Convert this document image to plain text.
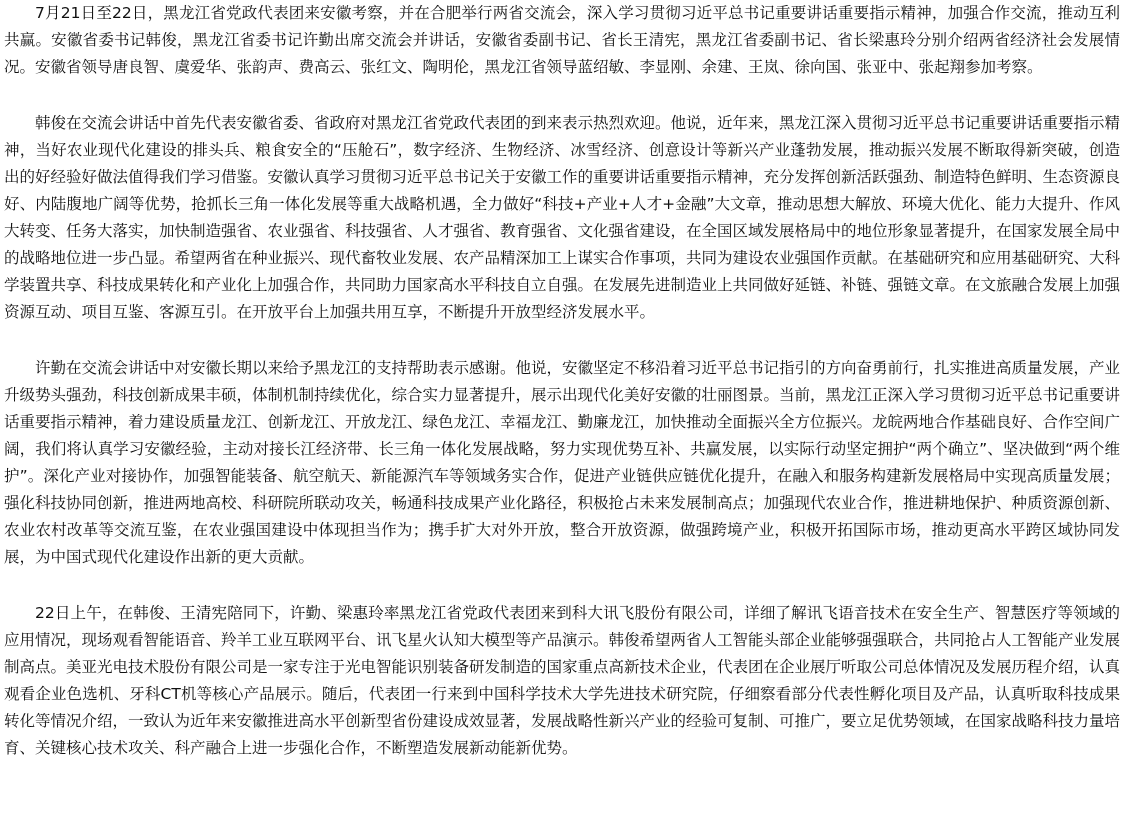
7月21日至22日，黑龙江省党政代表团来安徽考察，并在合肥举行两省交流会，深入学习贯彻习近平总书记重要讲话重要指示精神，加强合作交流，推动互利共赢。安徽省委书记韩俊，黑龙江省委书记许勤出席交流会并讲话，安徽省委副书记、省长王清宪，黑龙江省委副书记、省长梁惠玲分别介绍两省经济社会发展情况。安徽省领导唐良智、虞爱华、张韵声、费高云、张红文、陶明伦，黑龙江省领导蓝绍敏、李显刚、余建、王岚、徐向国、张亚中、张起翔参加考察。

韩俊在交流会讲话中首先代表安徽省委、省政府对黑龙江省党政代表团的到来表示热烈欢迎。他说，近年来，黑龙江深入贯彻习近平总书记重要讲话重要指示精神，当好农业现代化建设的排头兵、粮食安全的“压舱石”，数字经济、生物经济、冰雪经济、创意设计等新兴产业蓬勃发展，推动振兴发展不断取得新突破，创造出的好经验好做法值得我们学习借鉴。安徽认真学习贯彻习近平总书记关于安徽工作的重要讲话重要指示精神，充分发挥创新活跃强劲、制造特色鲜明、生态资源良好、内陆腹地广阔等优势，抢抓长三角一体化发展等重大战略机遇，全力做好“科技+产业+人才+金融”大文章，推动思想大解放、环境大优化、能力大提升、作风大转变、任务大落实，加快制造强省、农业强省、科技强省、人才强省、教育强省、文化强省建设，在全国区域发展格局中的地位形象显著提升，在国家发展全局中的战略地位进一步凸显。希望两省在种业振兴、现代畜牧业发展、农产品精深加工上谋实合作事项，共同为建设农业强国作贡献。在基础研究和应用基础研究、大科学装置共享、科技成果转化和产业化上加强合作，共同助力国家高水平科技自立自强。在发展先进制造业上共同做好延链、补链、强链文章。在文旅融合发展上加强资源互动、项目互鉴、客源互引。在开放平台上加强共用互享，不断提升开放型经济发展水平。

许勤在交流会讲话中对安徽长期以来给予黑龙江的支持帮助表示感谢。他说，安徽坚定不移沿着习近平总书记指引的方向奋勇前行，扎实推进高质量发展，产业升级势头强劲，科技创新成果丰硕，体制机制持续优化，综合实力显著提升，展示出现代化美好安徽的壮丽图景。当前，黑龙江正深入学习贯彻习近平总书记重要讲话重要指示精神，着力建设质量龙江、创新龙江、开放龙江、绿色龙江、幸福龙江、勤廉龙江，加快推动全面振兴全方位振兴。龙皖两地合作基础良好、合作空间广阔，我们将认真学习安徽经验，主动对接长江经济带、长三角一体化发展战略，努力实现优势互补、共赢发展，以实际行动坚定拥护“两个确立”、坚决做到“两个维护”。深化产业对接协作，加强智能装备、航空航天、新能源汽车等领域务实合作，促进产业链供应链优化提升，在融入和服务构建新发展格局中实现高质量发展；强化科技协同创新，推进两地高校、科研院所联动攻关，畅通科技成果产业化路径，积极抢占未来发展制高点；加强现代农业合作，推进耕地保护、种质资源创新、农业农村改革等交流互鉴，在农业强国建设中体现担当作为；携手扩大对外开放，整合开放资源，做强跨境产业，积极开拓国际市场，推动更高水平跨区域协同发展，为中国式现代化建设作出新的更大贡献。

22日上午，在韩俊、王清宪陪同下，许勤、梁惠玲率黑龙江省党政代表团来到科大讯飞股份有限公司，详细了解讯飞语音技术在安全生产、智慧医疗等领域的应用情况，现场观看智能语音、羚羊工业互联网平台、讯飞星火认知大模型等产品演示。韩俊希望两省人工智能头部企业能够强强联合，共同抢占人工智能产业发展制高点。美亚光电技术股份有限公司是一家专注于光电智能识别装备研发制造的国家重点高新技术企业，代表团在企业展厅听取公司总体情况及发展历程介绍，认真观看企业色选机、牙科CT机等核心产品展示。随后，代表团一行来到中国科学技术大学先进技术研究院，仔细察看部分代表性孵化项目及产品，认真听取科技成果转化等情况介绍，一致认为近年来安徽推进高水平创新型省份建设成效显著，发展战略性新兴产业的经验可复制、可推广，要立足优势领域，在国家战略科技力量培育、关键核心技术攻关、科产融合上进一步强化合作，不断塑造发展新动能新优势。
